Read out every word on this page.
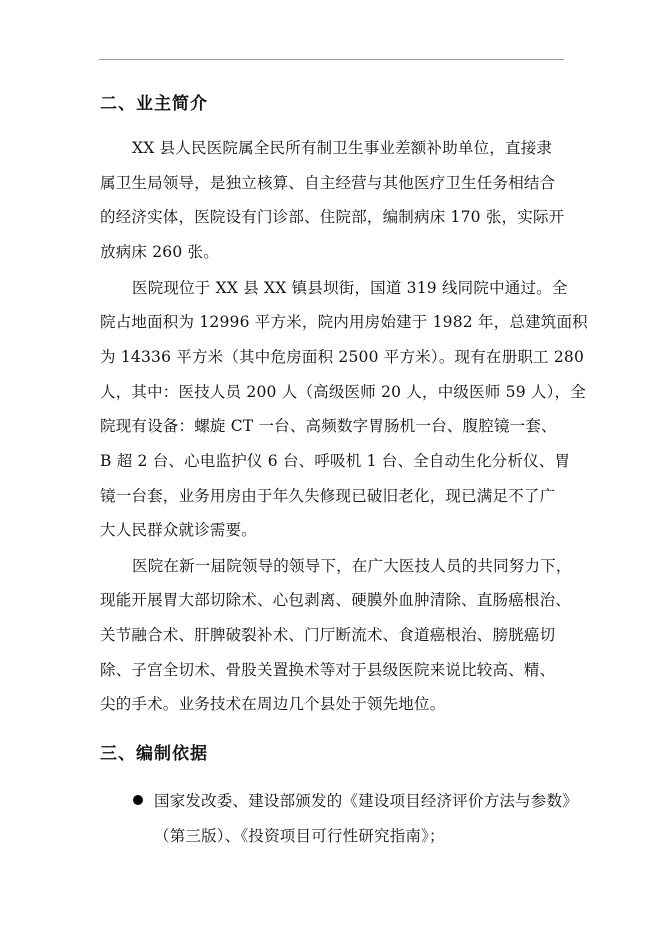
二、业主简介
XX 县人民医院属全民所有制卫生事业差额补助单位，直接隶
属卫生局领导，是独立核算、自主经营与其他医疗卫生任务相结合
的经济实体，医院设有门诊部、住院部，编制病床 170 张，实际开
放病床 260 张。
医院现位于 XX 县 XX 镇县坝街，国道 319 线同院中通过。全
院占地面积为 12996 平方米，院内用房始建于 1982 年，总建筑面积
为 14336 平方米（其中危房面积 2500 平方米）。现有在册职工 280
人，其中：医技人员 200 人（高级医师 20 人，中级医师 59 人），全
院现有设备：螺旋 CT 一台、高频数字胃肠机一台、腹腔镜一套、
B 超 2 台、心电监护仪 6 台、呼吸机 1 台、全自动生化分析仪、胃
镜一台套，业务用房由于年久失修现已破旧老化，现已满足不了广
大人民群众就诊需要。
医院在新一届院领导的领导下，在广大医技人员的共同努力下，
现能开展胃大部切除术、心包剥离、硬膜外血肿清除、直肠癌根治、
关节融合术、肝脾破裂补术、门厅断流术、食道癌根治、膀胱癌切
除、子宫全切术、骨股关置换术等对于县级医院来说比较高、精、
尖的手术。业务技术在周边几个县处于领先地位。
三、编制依据
国家发改委、建设部颁发的《建设项目经济评价方法与参数》
（第三版）、《投资项目可行性研究指南》；
